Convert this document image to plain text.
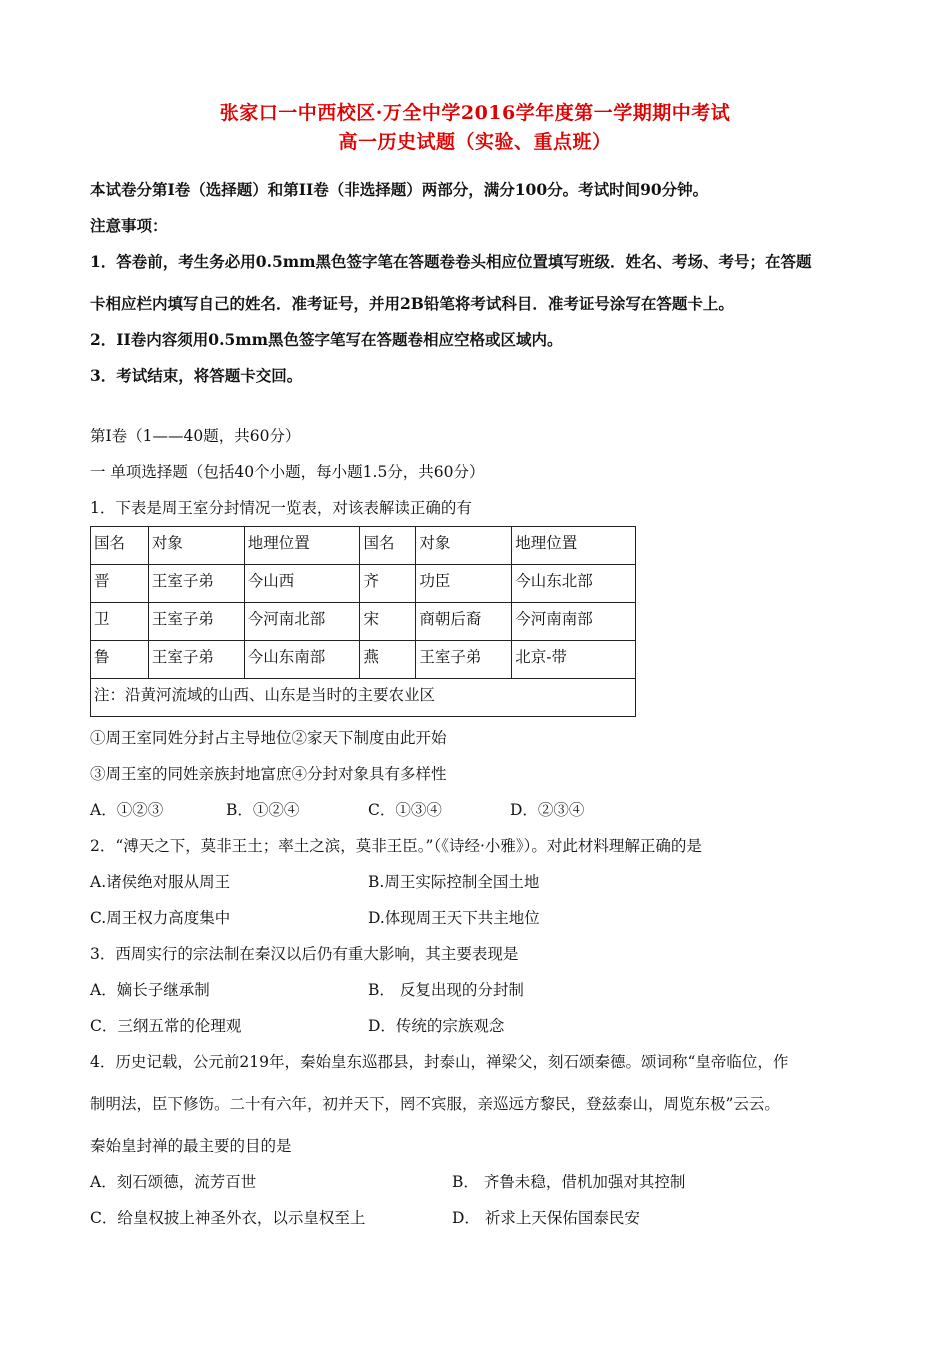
张家口一中西校区·万全中学2016学年度第一学期期中考试
高一历史试题（实验、重点班）
本试卷分第Ⅰ卷（选择题）和第II卷（非选择题）两部分，满分100分。考试时间90分钟。
注意事项：
1．答卷前，考生务必用0.5mm黑色签字笔在答题卷卷头相应位置填写班级．姓名、考场、考号；在答题
卡相应栏内填写自己的姓名．准考证号，并用2B铅笔将考试科目．准考证号涂写在答题卡上。
2．II卷内容须用0.5mm黑色签字笔写在答题卷相应空格或区域内。
3．考试结束，将答题卡交回。
第Ⅰ卷（1——40题，共60分）
一 单项选择题（包括40个小题，每小题1.5分，共60分）
1．下表是周王室分封情况一览表，对该表解读正确的有
国名	对象	地理位置	国名	对象	地理位置
晋	王室子弟	今山西	齐	功臣	今山东北部
卫	王室子弟	今河南北部	宋	商朝后裔	今河南南部
鲁	王室子弟	今山东南部	燕	王室子弟	北京-带
注：沿黄河流域的山西、山东是当时的主要农业区					
①周王室同姓分封占主导地位②家天下制度由此开始
③周王室的同姓亲族封地富庶④分封对象具有多样性
A．①②③	B．①②④	C．①③④	D．②③④
2．“溥天之下，莫非王土；率土之滨，莫非王臣。”（《诗经·小雅》）。对此材料理解正确的是
A.诸侯绝对服从周王	B.周王实际控制全国土地
C.周王权力高度集中	D.体现周王天下共主地位
3．西周实行的宗法制在秦汉以后仍有重大影响，其主要表现是
A．嫡长子继承制	B． 反复出现的分封制
C．三纲五常的伦理观	D．传统的宗族观念
4．历史记载，公元前219年，秦始皇东巡郡县，封泰山，禅梁父，刻石颂秦德。颂词称“皇帝临位，作
制明法，臣下修饬。二十有六年，初并天下，罔不宾服，亲巡远方黎民，登兹泰山，周览东极”云云。
秦始皇封禅的最主要的目的是
A．刻石颂德，流芳百世	B． 齐鲁未稳，借机加强对其控制
C．给皇权披上神圣外衣，以示皇权至上	D． 祈求上天保佑国泰民安
